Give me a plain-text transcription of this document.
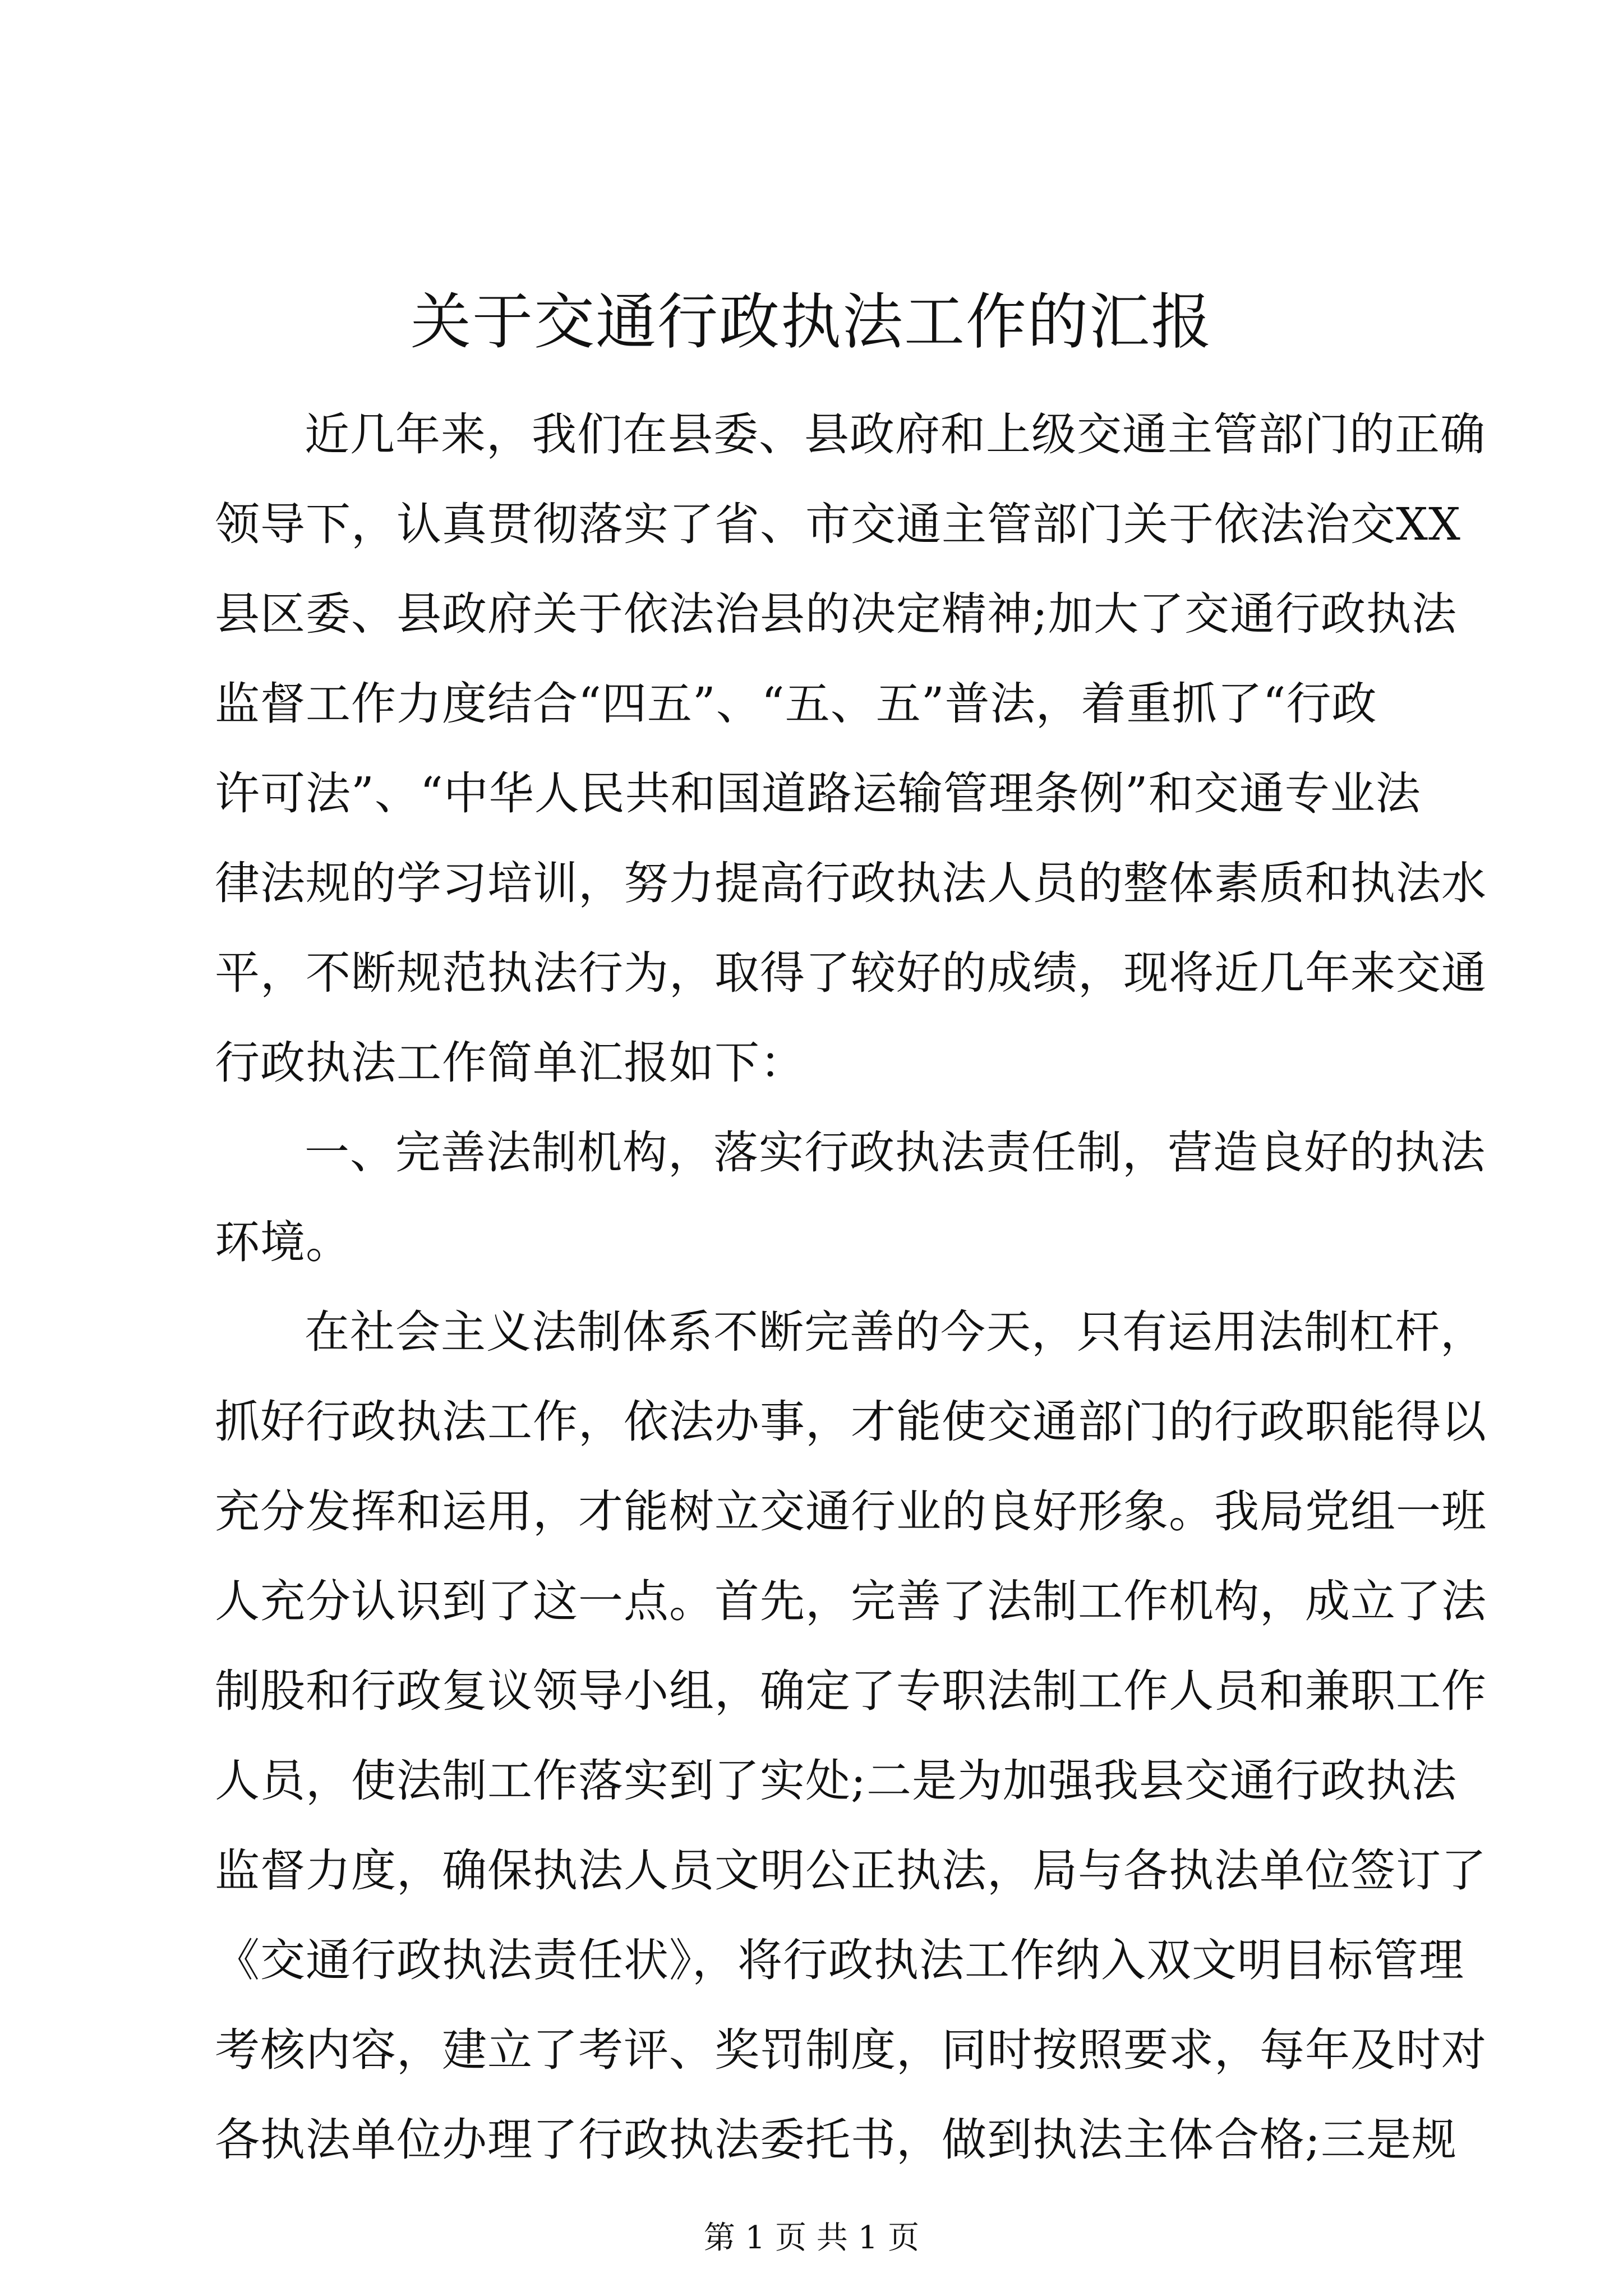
关于交通行政执法工作的汇报
近几年来，我们在县委、县政府和上级交通主管部门的正确
领导下，认真贯彻落实了省、市交通主管部门关于依法治交XX
县区委、县政府关于依法治县的决定精神;加大了交通行政执法
监督工作力度结合“四五”、“五、五”普法，着重抓了“行政
许可法”、“中华人民共和国道路运输管理条例”和交通专业法
律法规的学习培训，努力提高行政执法人员的整体素质和执法水
平，不断规范执法行为，取得了较好的成绩，现将近几年来交通
行政执法工作简单汇报如下：
一、完善法制机构，落实行政执法责任制，营造良好的执法
环境。
在社会主义法制体系不断完善的今天，只有运用法制杠杆，
抓好行政执法工作，依法办事，才能使交通部门的行政职能得以
充分发挥和运用，才能树立交通行业的良好形象。我局党组一班
人充分认识到了这一点。首先，完善了法制工作机构，成立了法
制股和行政复议领导小组，确定了专职法制工作人员和兼职工作
人员，使法制工作落实到了实处;二是为加强我县交通行政执法
监督力度，确保执法人员文明公正执法，局与各执法单位签订了
《交通行政执法责任状》，将行政执法工作纳入双文明目标管理
考核内容，建立了考评、奖罚制度，同时按照要求，每年及时对
各执法单位办理了行政执法委托书，做到执法主体合格;三是规
第 1 页 共 1 页
